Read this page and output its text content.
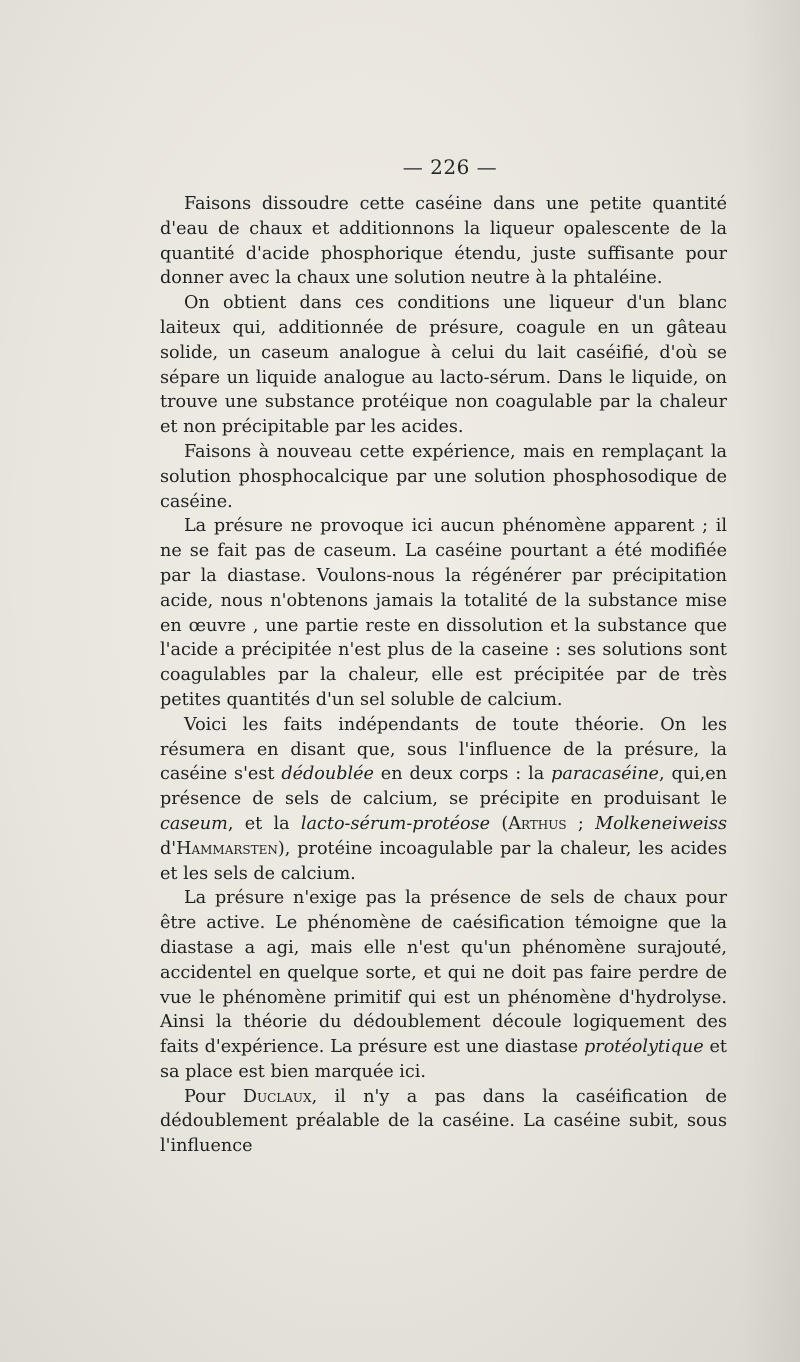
— 226 —

Faisons dissoudre cette caséine dans une petite quantité d'eau de chaux et additionnons la liqueur opalescente de la quantité d'acide phosphorique étendu, juste suffisante pour donner avec la chaux une solution neutre à la phtaléine.

On obtient dans ces conditions une liqueur d'un blanc laiteux qui, additionnée de présure, coagule en un gâteau solide, un caseum analogue à celui du lait caséifié, d'où se sépare un liquide analogue au lacto-sérum. Dans le liquide, on trouve une substance protéique non coagulable par la chaleur et non précipitable par les acides.

Faisons à nouveau cette expérience, mais en remplaçant la solution phosphocalcique par une solution phosphosodique de caséine.

La présure ne provoque ici aucun phénomène apparent ; il ne se fait pas de caseum. La caséine pourtant a été modifiée par la diastase. Voulons-nous la régénérer par précipitation acide, nous n'obtenons jamais la totalité de la substance mise en œuvre , une partie reste en dissolution et la substance que l'acide a précipitée n'est plus de la caseine : ses solutions sont coagulables par la chaleur, elle est précipitée par de très petites quantités d'un sel soluble de calcium.

Voici les faits indépendants de toute théorie. On les résumera en disant que, sous l'influence de la présure, la caséine s'est dédoublée en deux corps : la paracaséine, qui,en présence de sels de calcium, se précipite en produisant le caseum, et la lacto-sérum-protéose (Arthus ; Molkeneiweiss d'Hammarsten), protéine incoagulable par la chaleur, les acides et les sels de calcium.

La présure n'exige pas la présence de sels de chaux pour être active. Le phénomène de caésification témoigne que la diastase a agi, mais elle n'est qu'un phénomène surajouté, accidentel en quelque sorte, et qui ne doit pas faire perdre de vue le phénomène primitif qui est un phénomène d'hydrolyse. Ainsi la théorie du dédoublement découle logiquement des faits d'expérience. La présure est une diastase protéolytique et sa place est bien marquée ici.

Pour Duclaux, il n'y a pas dans la caséification de dédoublement préalable de la caséine. La caséine subit, sous l'influence
